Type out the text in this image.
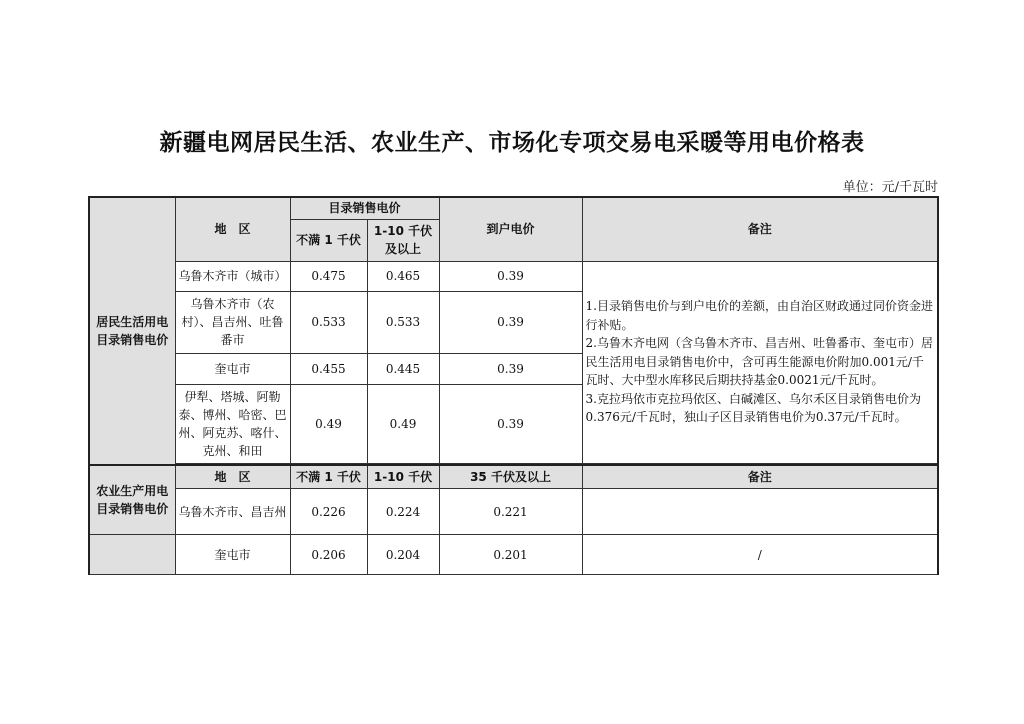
新疆电网居民生活、农业生产、市场化专项交易电采暖等用电价格表
单位：元/千瓦时
居民生活用电目录销售电价	地　区	目录销售电价		到户电价	备注
		不满 1 千伏	1-10 千伏及以上		
	乌鲁木齐市（城市）	0.475	0.465	0.39	1.目录销售电价与到户电价的差额，由自治区财政通过同价资金进行补贴。

2.乌鲁木齐电网（含乌鲁木齐市、昌吉州、吐鲁番市、奎屯市）居民生活用电目录销售电价中，含可再生能源电价附加0.001元/千瓦时、大中型水库移民后期扶持基金0.0021元/千瓦时。

3.克拉玛依市克拉玛依区、白碱滩区、乌尔禾区目录销售电价为0.376元/千瓦时，独山子区目录销售电价为0.37元/千瓦时。

	乌鲁木齐市（农村）、昌吉州、吐鲁番市	0.533	0.533	0.39	
	奎屯市	0.455	0.445	0.39	
	伊犁、塔城、阿勒泰、博州、哈密、巴州、阿克苏、喀什、克州、和田	0.49	0.49	0.39	

农业生产用电目录销售电价	地　区	不满 1 千伏	1-10 千伏	35 千伏及以上	备注
	乌鲁木齐市、昌吉州	0.226	0.224	0.221	
	奎屯市	0.206	0.204	0.201	/
